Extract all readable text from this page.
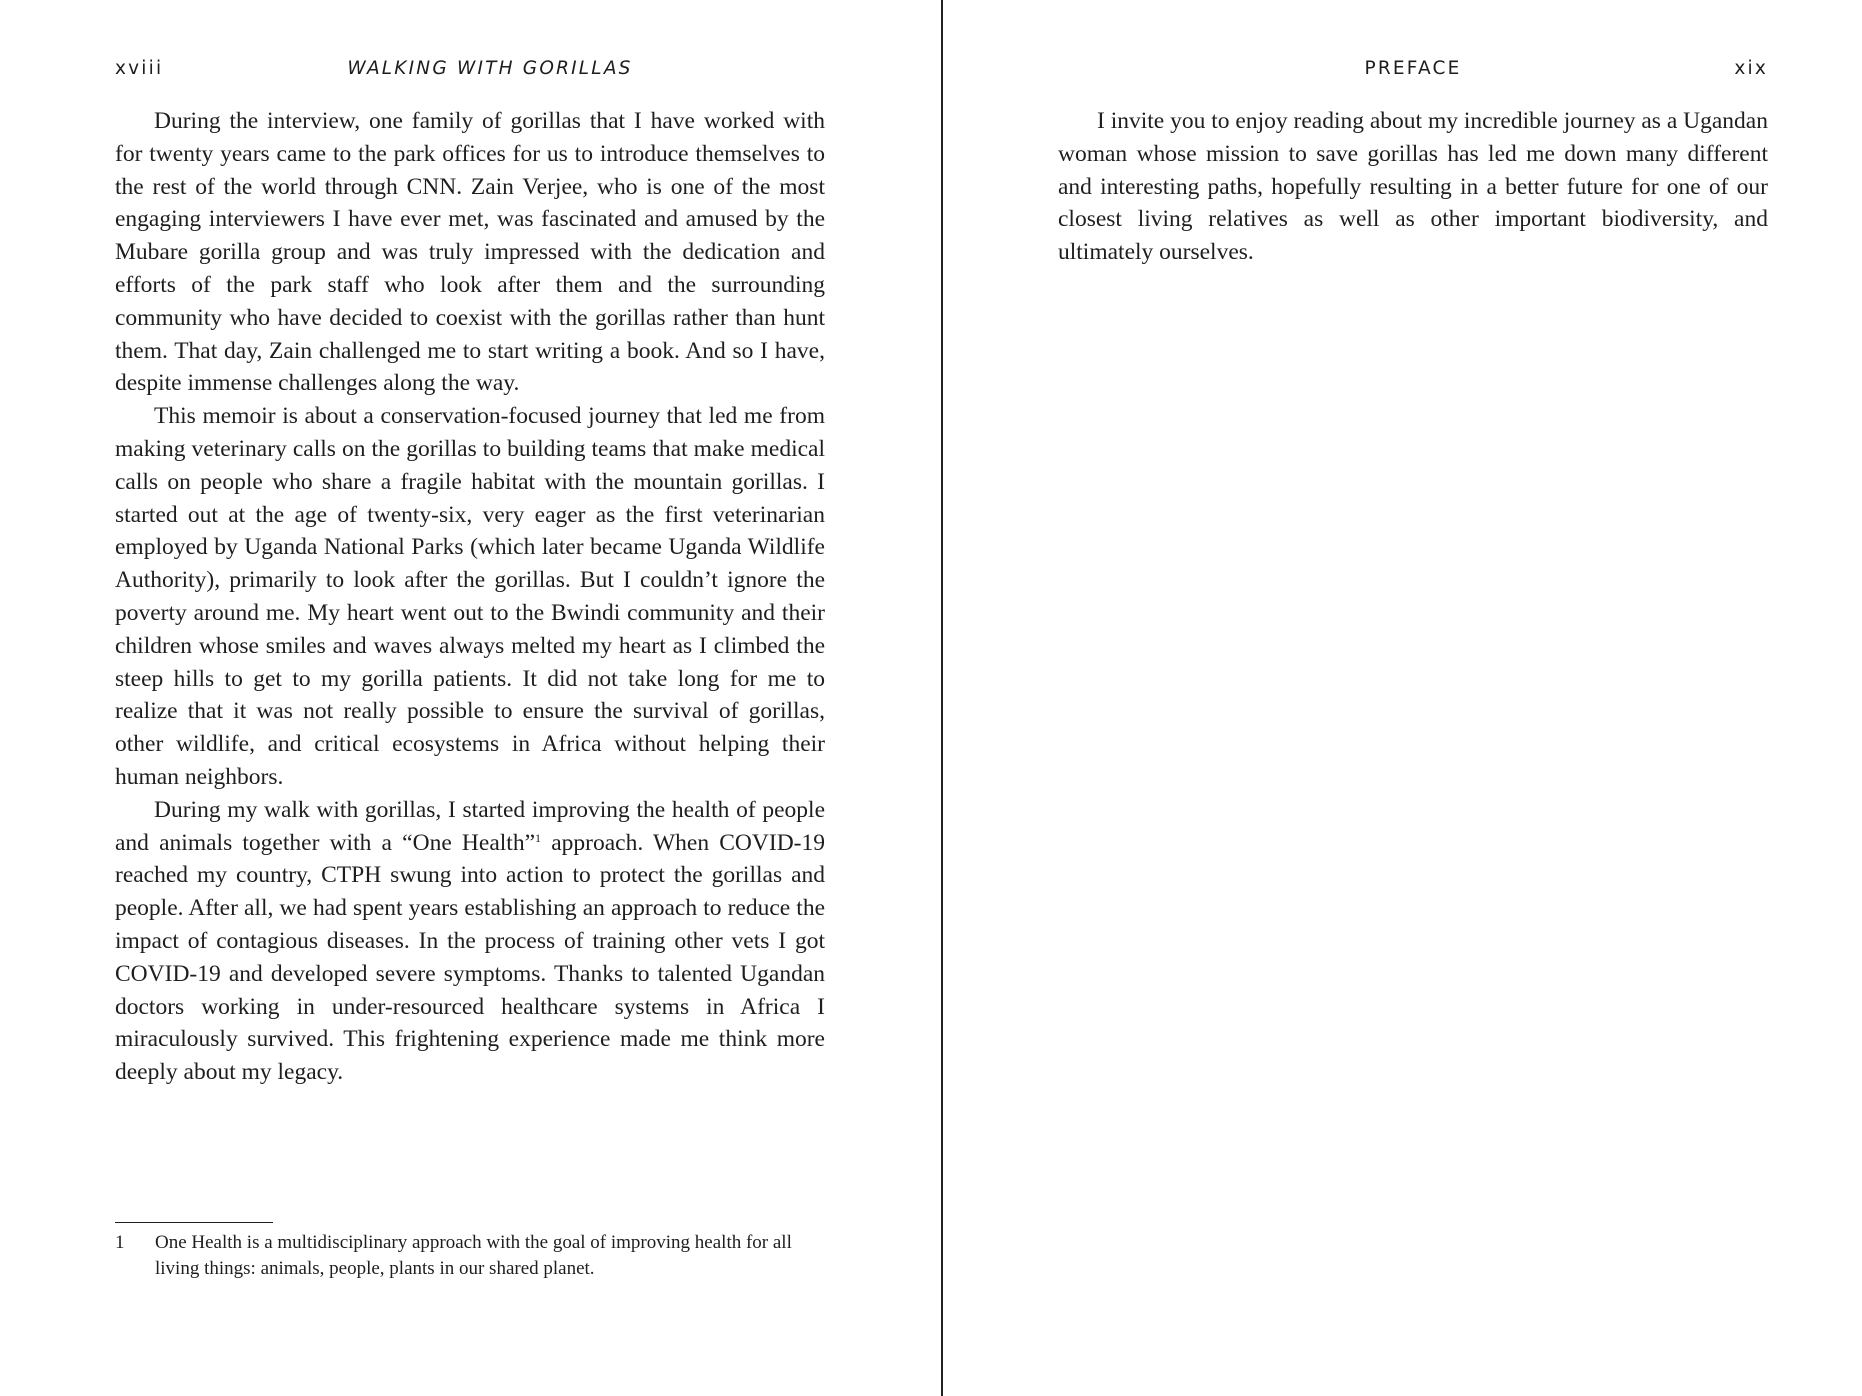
xviii	WALKING WITH GORILLAS

During the interview, one family of gorillas that I have worked with for twenty years came to the park offices for us to introduce themselves to the rest of the world through CNN. Zain Verjee, who is one of the most engaging interviewers I have ever met, was fascinated and amused by the Mubare gorilla group and was truly impressed with the dedication and efforts of the park staff who look after them and the surrounding community who have decided to coexist with the gorillas rather than hunt them. That day, Zain challenged me to start writing a book. And so I have, despite immense challenges along the way.

This memoir is about a conservation-focused journey that led me from making veterinary calls on the gorillas to building teams that make medical calls on people who share a fragile habitat with the mountain gorillas. I started out at the age of twenty-six, very eager as the first veterinarian employed by Uganda National Parks (which later became Uganda Wildlife Authority), primarily to look after the gorillas. But I couldn’t ignore the poverty around me. My heart went out to the Bwindi community and their children whose smiles and waves always melted my heart as I climbed the steep hills to get to my gorilla patients. It did not take long for me to realize that it was not really possible to ensure the survival of gorillas, other wildlife, and critical ecosystems in Africa without helping their human neighbors.

During my walk with gorillas, I started improving the health of people and animals together with a “One Health”$^1$ approach. When COVID-19 reached my country, CTPH swung into action to protect the gorillas and people. After all, we had spent years establishing an approach to reduce the impact of contagious diseases. In the process of training other vets I got COVID-19 and developed severe symptoms. Thanks to talented Ugandan doctors working in under-resourced healthcare systems in Africa I miraculously survived. This frightening experience made me think more deeply about my legacy.

1 One Health is a multidisciplinary approach with the goal of improving health for all living things: animals, people, plants in our shared planet.
PREFACE	xix

I invite you to enjoy reading about my incredible journey as a Ugandan woman whose mission to save gorillas has led me down many different and interesting paths, hopefully resulting in a better future for one of our closest living relatives as well as other important biodiversity, and ultimately ourselves.
